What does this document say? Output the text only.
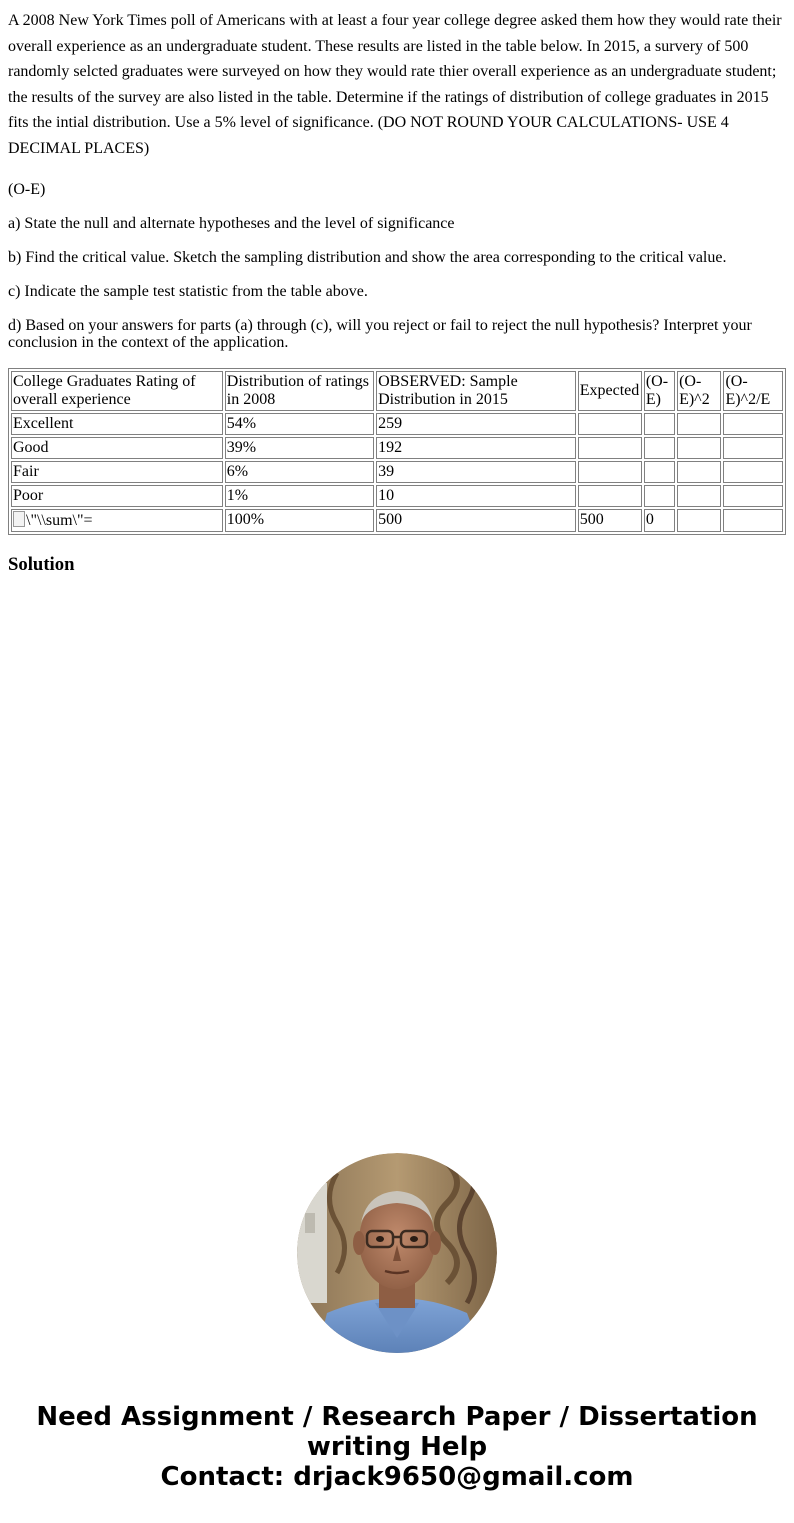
A 2008 New York Times poll of Americans with at least a four year college degree asked them how they would rate their overall experience as an undergraduate student. These results are listed in the table below. In 2015, a survery of 500 randomly selcted graduates were surveyed on how they would rate thier overall experience as an undergraduate student; the results of the survey are also listed in the table. Determine if the ratings of distribution of college graduates in 2015 fits the intial distribution. Use a 5% level of significance. (DO NOT ROUND YOUR CALCULATIONS- USE 4 DECIMAL PLACES)

(O-E)

a) State the null and alternate hypotheses and the level of significance

b) Find the critical value. Sketch the sampling distribution and show the area corresponding to the critical value.

c) Indicate the sample test statistic from the table above.

d) Based on your answers for parts (a) through (c), will you reject or fail to reject the null hypothesis? Interpret your conclusion in the context of the application.

College Graduates Rating of overall experience	Distribution of ratings in 2008	OBSERVED: Sample Distribution in 2015	Expected	(O-E)	(O-E)^2	(O-E)^2/E
Excellent	54%	259				
Good	39%	192				
Fair	6%	39				
Poor	1%	10				
\"\\sum\"=	100%	500	500	0		
Solution
Need Assignment / Research Paper / Dissertation writing Help
Contact: drjack9650@gmail.com
